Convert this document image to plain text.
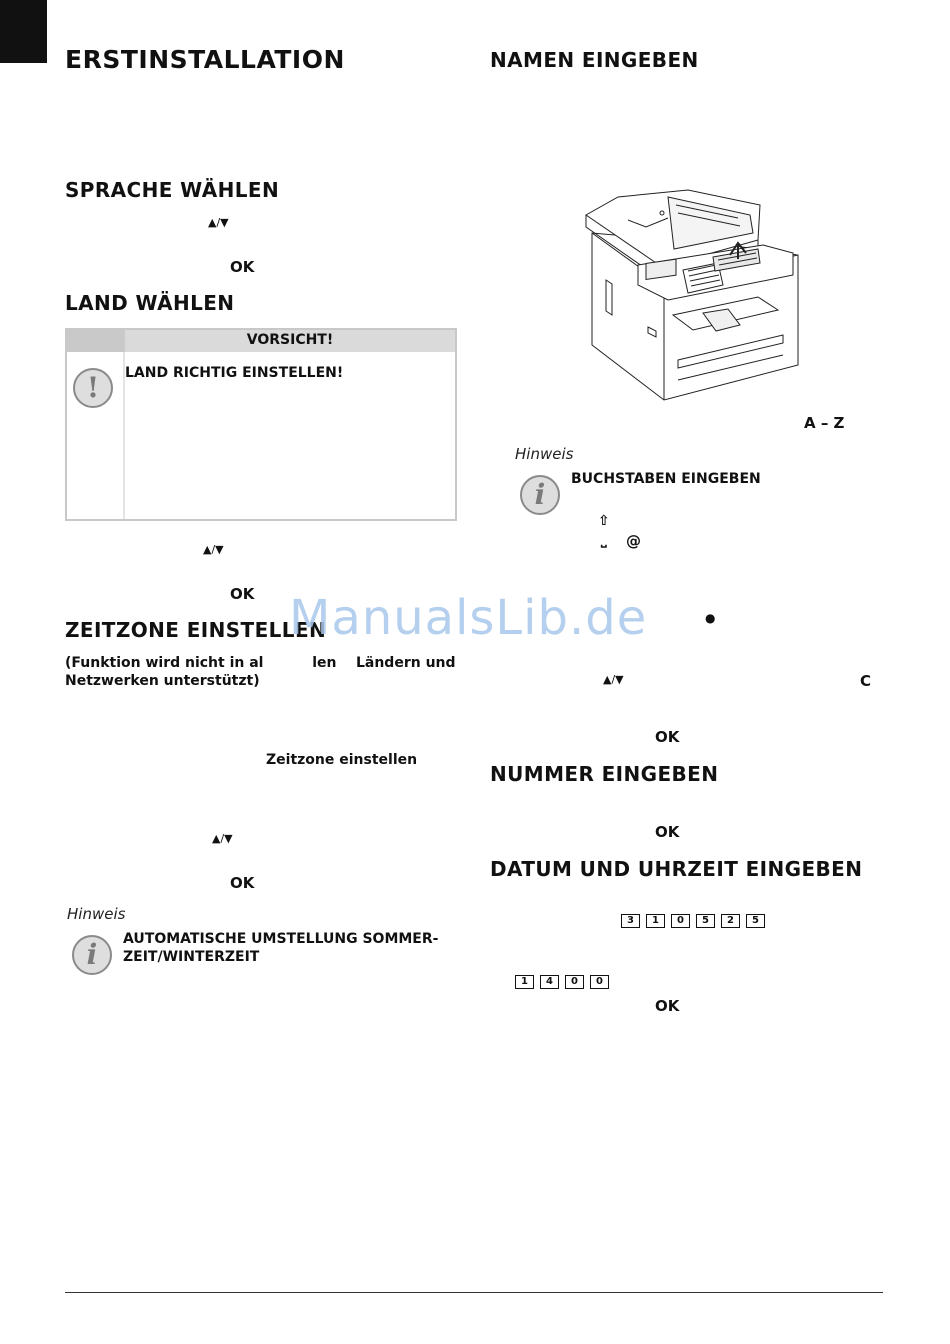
ERSTINSTALLATION
SPRACHE WÄHLEN
▲/▼
OK
LAND WÄHLEN
VORSICHT!
!	LAND RICHTIG EINSTELLEN!
▲/▼
OK
ZEITZONE EINSTELLEN
(Funktion wird nicht in al          len    Ländern und
Netzwerken unterstützt)
Zeitzone einstellen
▲/▼
OK
Hinweis
i	AUTOMATISCHE UMSTELLUNG SOMMER-
ZEIT/WINTERZEIT
NAMEN EINGEBEN
A – Z
Hinweis
i	BUCHSTABEN EINGEBEN
⇧
⎵ @
●
▲/▼	C
OK
NUMMER EINGEBEN
OK
DATUM UND UHRZEIT EINGEBEN
3 1 0 5 2 5
1 4 0 0
OK
ManualsLib.de
